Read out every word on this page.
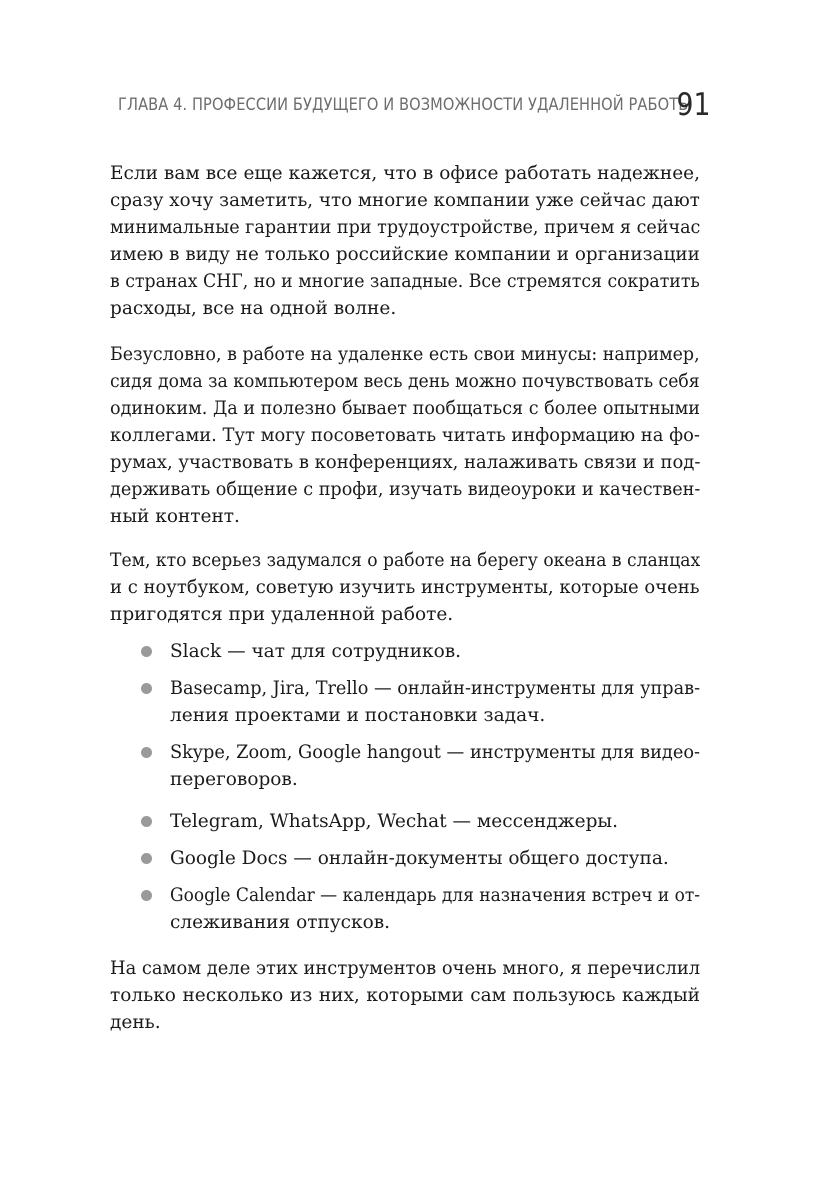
ГЛАВА 4. ПРОФЕССИИ БУДУЩЕГО И ВОЗМОЖНОСТИ УДАЛЕННОЙ РАБОТЫ
91
Если вам все еще кажется, что в офисе работать надежнее,
сразу хочу заметить, что многие компании уже сейчас дают
минимальные гарантии при трудоустройстве, причем я сейчас
имею в виду не только российские компании и организации
в странах СНГ, но и многие западные. Все стремятся сократить
расходы, все на одной волне.
Безусловно, в работе на удаленке есть свои минусы: например,
сидя дома за компьютером весь день можно почувствовать себя
одиноким. Да и полезно бывает пообщаться с более опытными
коллегами. Тут могу посоветовать читать информацию на фо-
румах, участвовать в конференциях, налаживать связи и под-
держивать общение с профи, изучать видеоуроки и качествен-
ный контент.
Тем, кто всерьез задумался о работе на берегу океана в сланцах
и с ноутбуком, советую изучить инструменты, которые очень
пригодятся при удаленной работе.
Slack — чат для сотрудников.
Basecamp, Jira, Trello — онлайн-инструменты для управ-
ления проектами и постановки задач.
Skype, Zoom, Google hangout — инструменты для видео-
переговоров.
Telegram, WhatsApp, Wechat — мессенджеры.
Google Docs — онлайн-документы общего доступа.
Google Calendar — календарь для назначения встреч и от-
слеживания отпусков.
На самом деле этих инструментов очень много, я перечислил
только несколько из них, которыми сам пользуюсь каждый
день.
